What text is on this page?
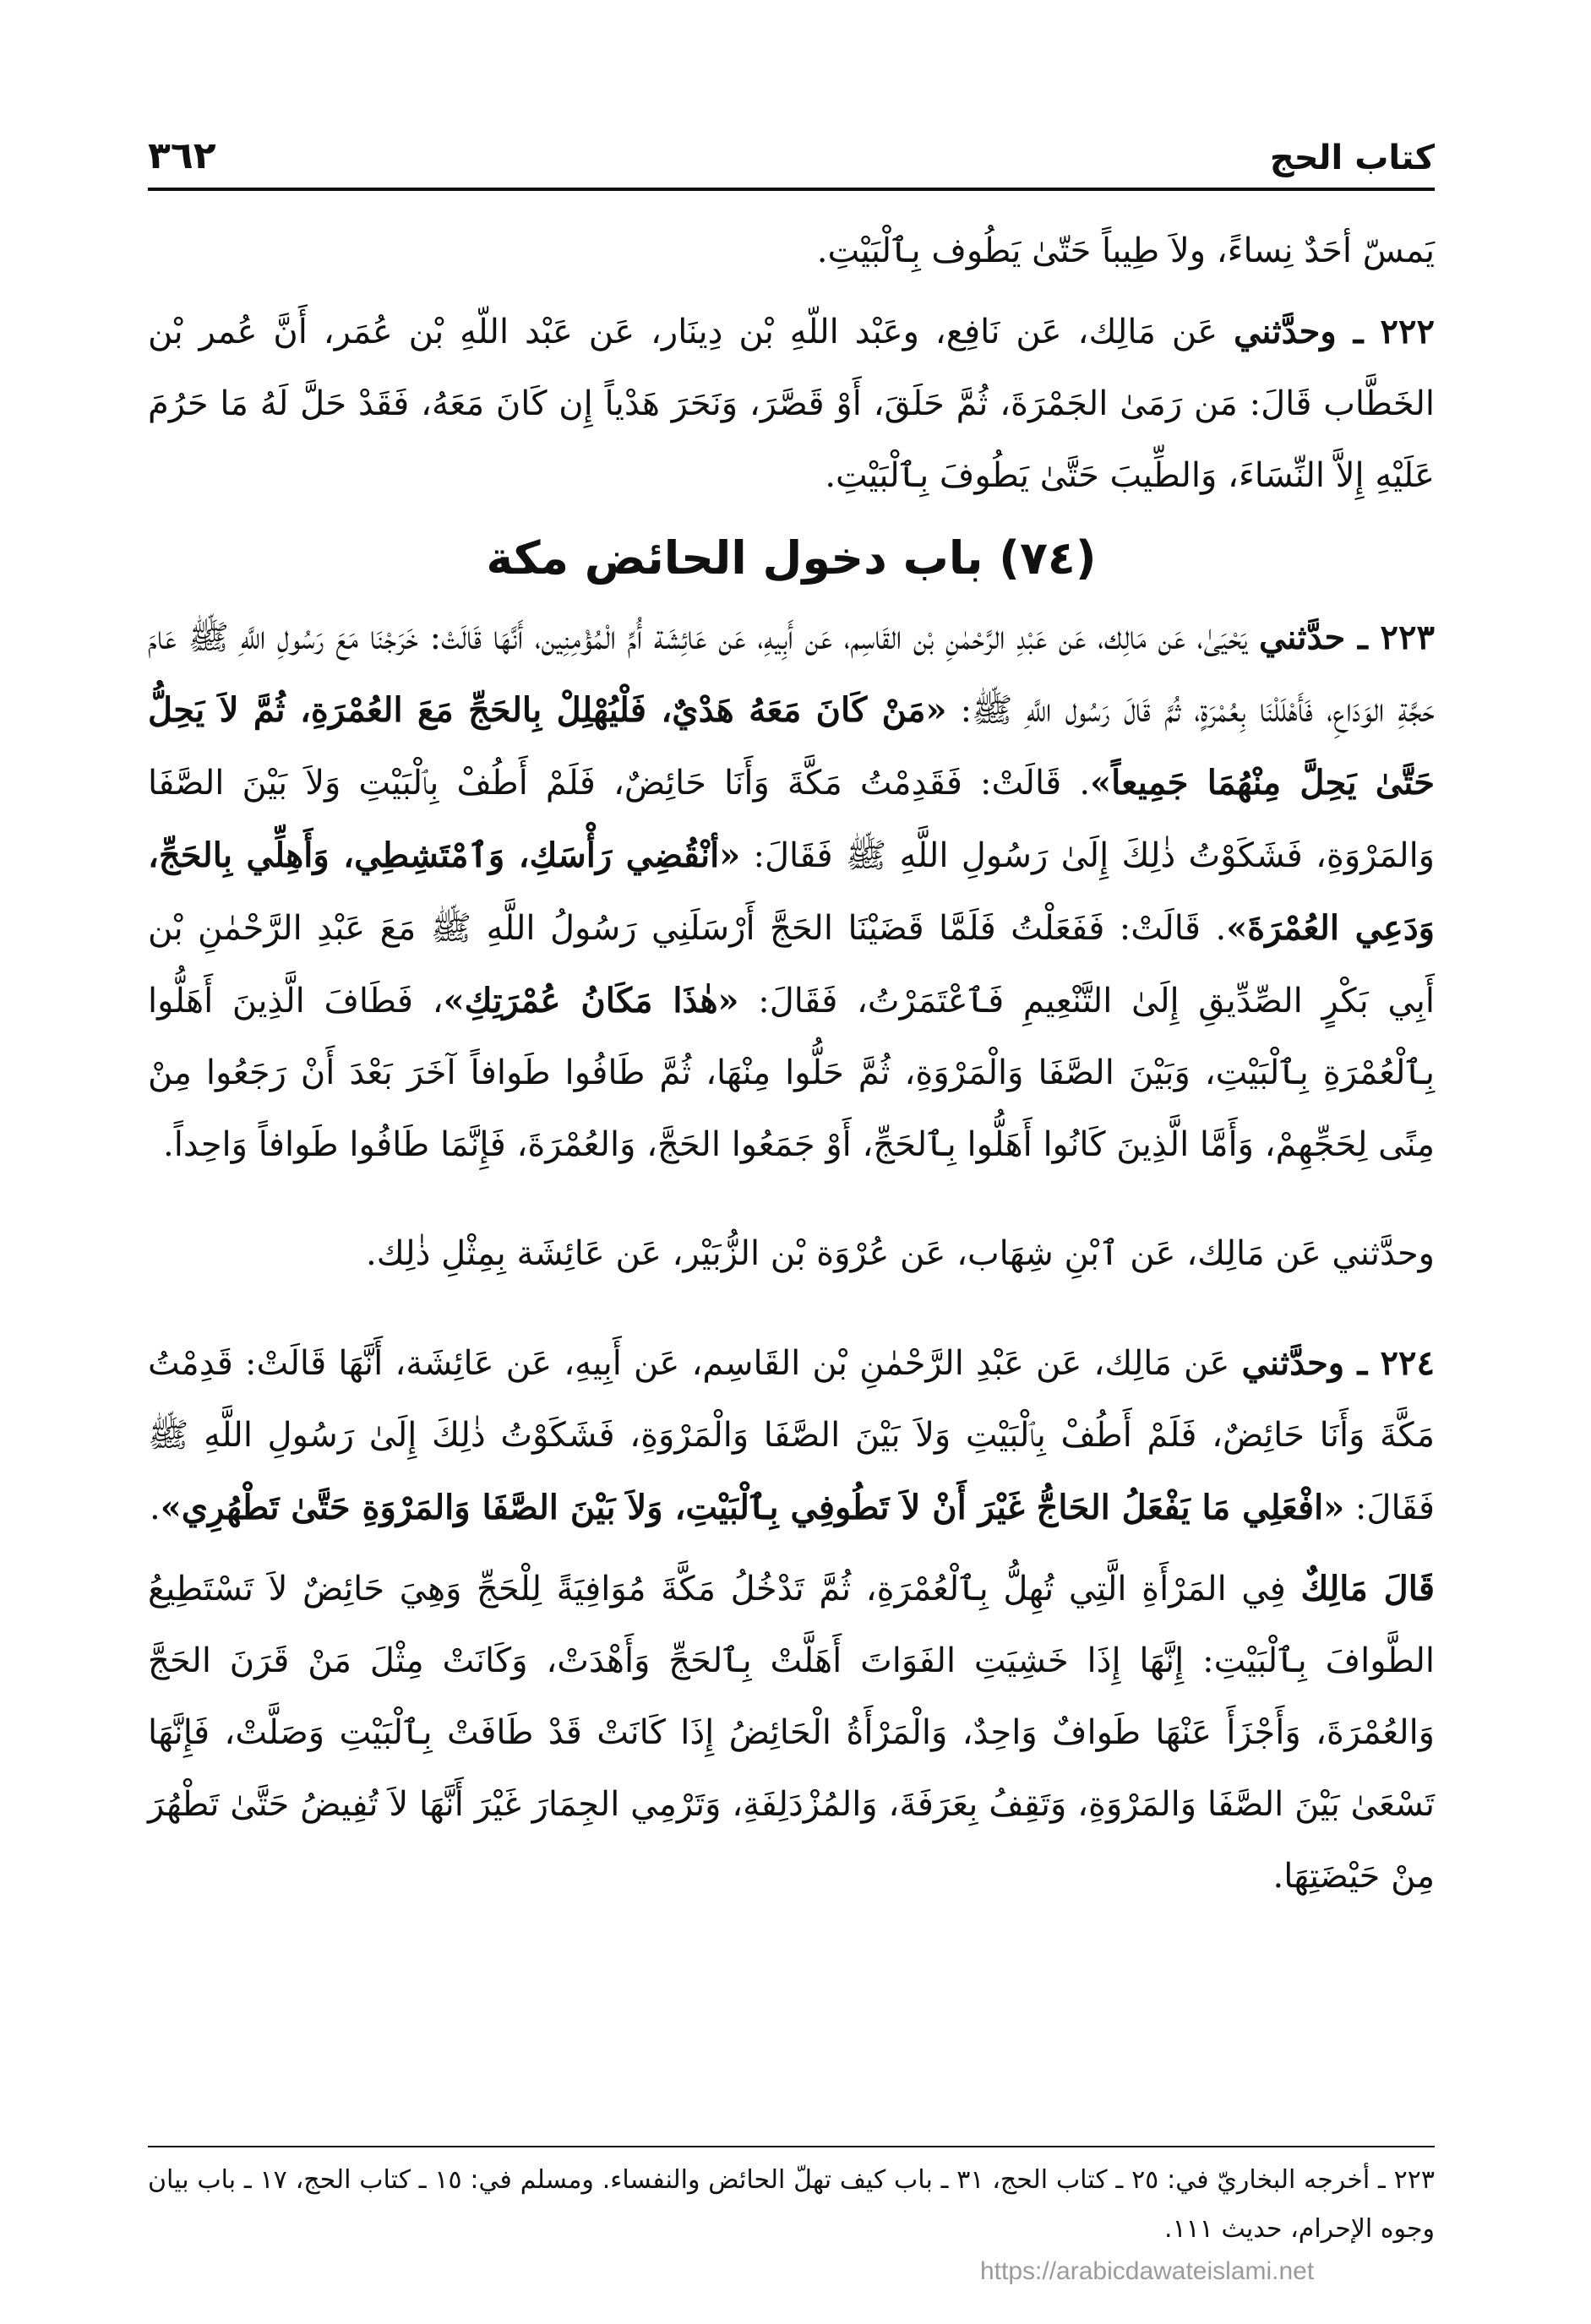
كتاب الحج
٣٦٢

يَمسّ أحَدٌ نِساءً، ولاَ طِيباً حَتّىٰ يَطُوف بِٱلْبَيْتِ.

٢٢٢ ـ وحدَّثني عَن مَالِك، عَن نَافِع، وعَبْد اللّهِ بْن دِينَار، عَن عَبْد اللّهِ بْن عُمَر، أَنَّ عُمر بْن الخَطَّاب قَالَ: مَن رَمَىٰ الجَمْرَةَ، ثُمَّ حَلَقَ، أَوْ قَصَّرَ، وَنَحَرَ هَدْياً إِن كَانَ مَعَهُ، فَقَدْ حَلَّ لَهُ مَا حَرُمَ عَلَيْهِ إِلاَّ النِّسَاءَ، وَالطِّيبَ حَتَّىٰ يَطُوفَ بِٱلْبَيْتِ.

(٧٤) باب دخول الحائض مكة

٢٢٣ ـ حدَّثني يَحْيَىٰ، عَن مَالِك، عَن عَبْدِ الرَّحْمٰنِ بْن القَاسِم، عَن أَبِيهِ، عَن عَائِشَة أُمِّ الْمُؤْمِنِين، أَنَّهَا قَالَتْ: خَرَجْنَا مَعَ رَسُولِ اللَّهِ ﷺ عَامَ حَجَّةِ الوَدَاعِ، فَأَهْلَلْنَا بِعُمْرَةٍ، ثُمَّ قَالَ رَسُول اللَّهِ ﷺ: «مَنْ كَانَ مَعَهُ هَدْيٌ، فَلْيُهْلِلْ بِالحَجِّ مَعَ العُمْرَةِ، ثُمَّ لاَ يَحِلُّ حَتَّىٰ يَحِلَّ مِنْهُمَا جَمِيعاً». قَالَتْ: فَقَدِمْتُ مَكَّةَ وَأَنَا حَائِضٌ، فَلَمْ أَطُفْ بِٱلْبَيْتِ وَلاَ بَيْنَ الصَّفَا وَالمَرْوَةِ، فَشَكَوْتُ ذٰلِكَ إِلَىٰ رَسُولِ اللَّهِ ﷺ فَقَالَ: «أنْقُضِي رَأْسَكِ، وَٱمْتَشِطِي، وَأَهِلِّي بِالحَجِّ، وَدَعِي العُمْرَةَ». قَالَتْ: فَفَعَلْتُ فَلَمَّا قَضَيْنَا الحَجَّ أَرْسَلَنِي رَسُولُ اللَّهِ ﷺ مَعَ عَبْدِ الرَّحْمٰنِ بْن أَبِي بَكْرٍ الصِّدِّيقِ إِلَىٰ التَّنْعِيمِ فَٱعْتَمَرْتُ، فَقَالَ: «هٰذَا مَكَانُ عُمْرَتِكِ»، فَطَافَ الَّذِينَ أَهَلُّوا بِٱلْعُمْرَةِ بِٱلْبَيْتِ، وَبَيْنَ الصَّفَا وَالْمَرْوَةِ، ثُمَّ حَلُّوا مِنْهَا، ثُمَّ طَافُوا طَوافاً آخَرَ بَعْدَ أَنْ رَجَعُوا مِنْ مِنًى لِحَجِّهِمْ، وَأَمَّا الَّذِينَ كَانُوا أَهَلُّوا بِٱلحَجِّ، أَوْ جَمَعُوا الحَجَّ، وَالعُمْرَةَ، فَإِنَّمَا طَافُوا طَوافاً وَاحِداً.

وحدَّثني عَن مَالِك، عَن ٱبْنِ شِهَاب، عَن عُرْوَة بْن الزُّبَيْر، عَن عَائِشَة بِمِثْلِ ذٰلِك.

٢٢٤ ـ وحدَّثني عَن مَالِك، عَن عَبْدِ الرَّحْمٰنِ بْن القَاسِم، عَن أَبِيهِ، عَن عَائِشَة، أَنَّهَا قَالَتْ: قَدِمْتُ مَكَّةَ وَأَنَا حَائِضٌ، فَلَمْ أَطُفْ بِٱلْبَيْتِ وَلاَ بَيْنَ الصَّفَا وَالْمَرْوَةِ، فَشَكَوْتُ ذٰلِكَ إِلَىٰ رَسُولِ اللَّهِ ﷺ فَقَالَ: «افْعَلِي مَا يَفْعَلُ الحَاجُّ غَيْرَ أَنْ لاَ تَطُوفِي بِٱلْبَيْتِ، وَلاَ بَيْنَ الصَّفَا وَالمَرْوَةِ حَتَّىٰ تَطْهُرِي».

قَالَ مَالِكٌ فِي المَرْأَةِ الَّتِي تُهِلُّ بِٱلْعُمْرَةِ، ثُمَّ تَدْخُلُ مَكَّةَ مُوَافِيَةً لِلْحَجِّ وَهِيَ حَائِضٌ لاَ تَسْتَطِيعُ الطَّوافَ بِٱلْبَيْتِ: إِنَّهَا إِذَا خَشِيَتِ الفَوَاتَ أَهَلَّتْ بِٱلحَجِّ وَأَهْدَتْ، وَكَانَتْ مِثْلَ مَنْ قَرَنَ الحَجَّ وَالعُمْرَةَ، وَأَجْزَأَ عَنْهَا طَوافٌ وَاحِدٌ، وَالْمَرْأَةُ الْحَائِضُ إِذَا كَانَتْ قَدْ طَافَتْ بِٱلْبَيْتِ وَصَلَّتْ، فَإِنَّهَا تَسْعَىٰ بَيْنَ الصَّفَا وَالمَرْوَةِ، وَتَقِفُ بِعَرَفَةَ، وَالمُزْدَلِفَةِ، وَتَرْمِي الجِمَارَ غَيْرَ أَنَّهَا لاَ تُفِيضُ حَتَّىٰ تَطْهُرَ مِنْ حَيْضَتِهَا.

٢٢٣ ـ أخرجه البخاريّ في: ٢٥ ـ كتاب الحج، ٣١ ـ باب كيف تهلّ الحائض والنفساء. ومسلم في: ١٥ ـ كتاب الحج، ١٧ ـ باب بيان وجوه الإحرام، حديث ١١١.

https://arabicdawateislami.net
